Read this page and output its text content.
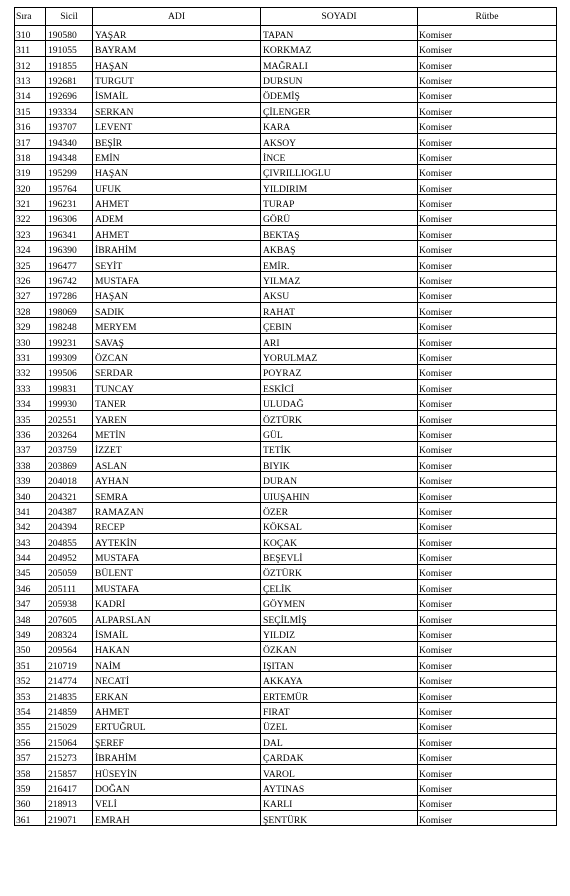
Sıra	Sicil	ADI	SOYADI	Rütbe
310	190580	YAŞAR	TAPAN	Komiser
311	191055	BAYRAM	KORKMAZ	Komiser
312	191855	HAŞAN	MAĞRALI	Komiser
313	192681	TURGUT	DURSUN	Komiser
314	192696	İSMAİL	ÖDEMİŞ	Komiser
315	193334	SERKAN	ÇİLENGER	Komiser
316	193707	LEVENT	KARA	Komiser
317	194340	BEŞİR	AKSOY	Komiser
318	194348	EMİN	İNCE	Komiser
319	195299	HAŞAN	ÇIVRILLIOGLU	Komiser
320	195764	UFUK	YILDIRIM	Komiser
321	196231	AHMET	TURAP	Komiser
322	196306	ADEM	GÖRÜ	Komiser
323	196341	AHMET	BEKTAŞ	Komiser
324	196390	İBRAHİM	AKBAŞ	Komiser
325	196477	SEYİT	EMİR.	Komiser
326	196742	MUSTAFA	YILMAZ	Komiser
327	197286	HAŞAN	AKSU	Komiser
328	198069	SADIK	RAHAT	Komiser
329	198248	MERYEM	ÇEBIN	Komiser
330	199231	SAVAŞ	ARI	Komiser
331	199309	ÖZCAN	YORULMAZ	Komiser
332	199506	SERDAR	POYRAZ	Komiser
333	199831	TUNCAY	ESKİCİ	Komiser
334	199930	TANER	ULUDAĞ	Komiser
335	202551	YAREN	ÖZTÜRK	Komiser
336	203264	METİN	GÜL	Komiser
337	203759	İZZET	TETİK	Komiser
338	203869	ASLAN	BIYIK	Komiser
339	204018	AYHAN	DURAN	Komiser
340	204321	SEMRA	UIUŞAHIN	Komiser
341	204387	RAMAZAN	ÖZER	Komiser
342	204394	RECEP	KÖKSAL	Komiser
343	204855	AYTEKİN	KOÇAK	Komiser
344	204952	MUSTAFA	BEŞEVLİ	Komiser
345	205059	BÜLENT	ÖZTÜRK	Komiser
346	205111	MUSTAFA	ÇELİK	Komiser
347	205938	KADRİ	GÖYMEN	Komiser
348	207605	ALPARSLAN	SEÇİLMİŞ	Komiser
349	208324	İSMAİL	YILDIZ	Komiser
350	209564	HAKAN	ÖZKAN	Komiser
351	210719	NAİM	IŞITAN	Komiser
352	214774	NECATİ	AKKAYA	Komiser
353	214835	ERKAN	ERTEMÜR	Komiser
354	214859	AHMET	FIRAT	Komiser
355	215029	ERTUĞRUL	ÜZEL	Komiser
356	215064	ŞEREF	DAL	Komiser
357	215273	İBRAHİM	ÇARDAK	Komiser
358	215857	HÜSEYİN	VAROL	Komiser
359	216417	DOĞAN	AYTINAS	Komiser
360	218913	VELİ	KARLI	Komiser
361	219071	EMRAH	ŞENTÜRK	Komiser
